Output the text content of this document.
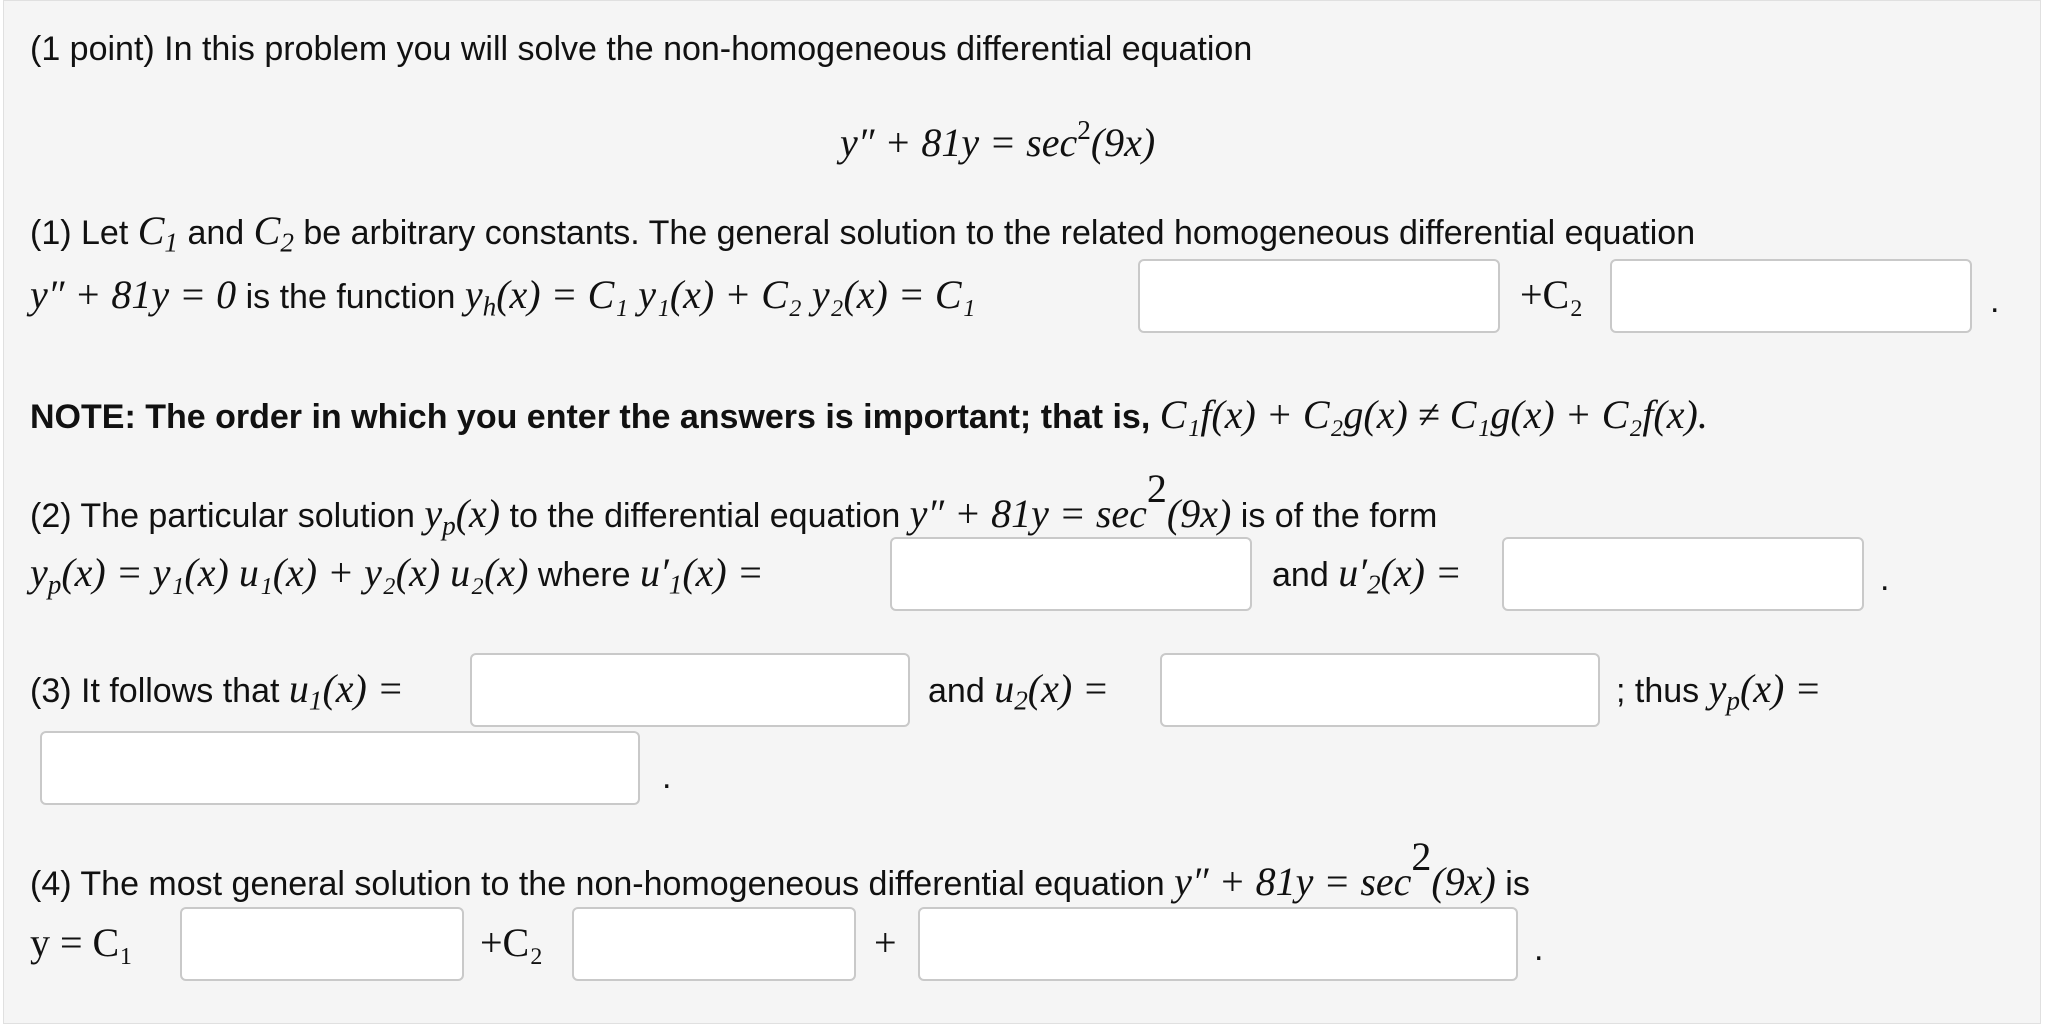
(1 point) In this problem you will solve the non-homogeneous differential equation
$y'' + 81y = \sec^2(9x)$
(1) Let $C_1$ and $C_2$ be arbitrary constants. The general solution to the related homogeneous differential equation
y″ + 81y = 0 is the function $y_h(x) = C_1$ y₁(x) + C₂ y₂(x) = C₁	+C₂	.
NOTE: The order in which you enter the answers is important; that is, C₁f(x) + C₂g(x) ≠ C₁g(x) + C₂f(x).
(2) The particular solution $y_p(x)$ to the differential equation $y'' + 81y = \sec^2(9x)$ is of the form
$y_p(x) = y_1(x) u_1(x) + y_2(x)$ u₂(x) where $u'_1(x)$ =	and $u'_2(x)$ =	.
(3) It follows that $u_1(x)$ =	and $u_2(x)$ =	; thus $y_p(x)$ =
.
(4) The most general solution to the non-homogeneous differential equation $y'' + 81y = \sec^2(9x)$ is
y = C₁	+C₂	+	.
